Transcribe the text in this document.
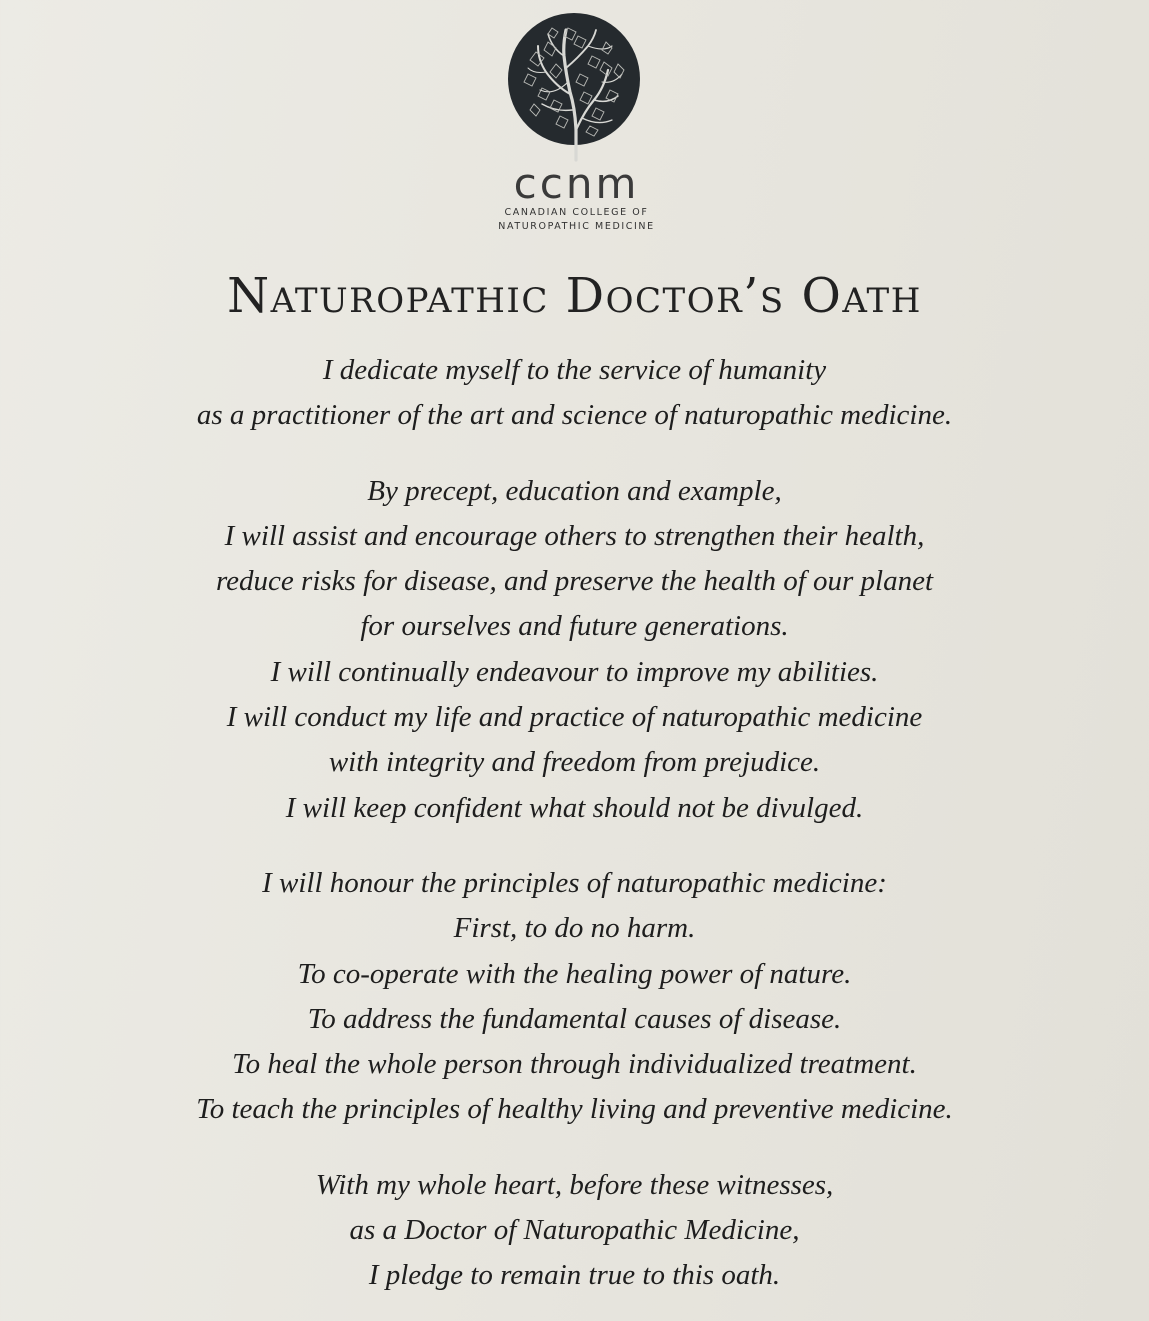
ccnm
CANADIAN COLLEGE OF
NATUROPATHIC MEDICINE
Naturopathic Doctor’s Oath

I dedicate myself to the service of humanity
as a practitioner of the art and science of naturopathic medicine.

By precept, education and example,
I will assist and encourage others to strengthen their health,
reduce risks for disease, and preserve the health of our planet
for ourselves and future generations.
I will continually endeavour to improve my abilities.
I will conduct my life and practice of naturopathic medicine
with integrity and freedom from prejudice.
I will keep confident what should not be divulged.

I will honour the principles of naturopathic medicine:
First, to do no harm.
To co-operate with the healing power of nature.
To address the fundamental causes of disease.
To heal the whole person through individualized treatment.
To teach the principles of healthy living and preventive medicine.

With my whole heart, before these witnesses,
as a Doctor of Naturopathic Medicine,
I pledge to remain true to this oath.
